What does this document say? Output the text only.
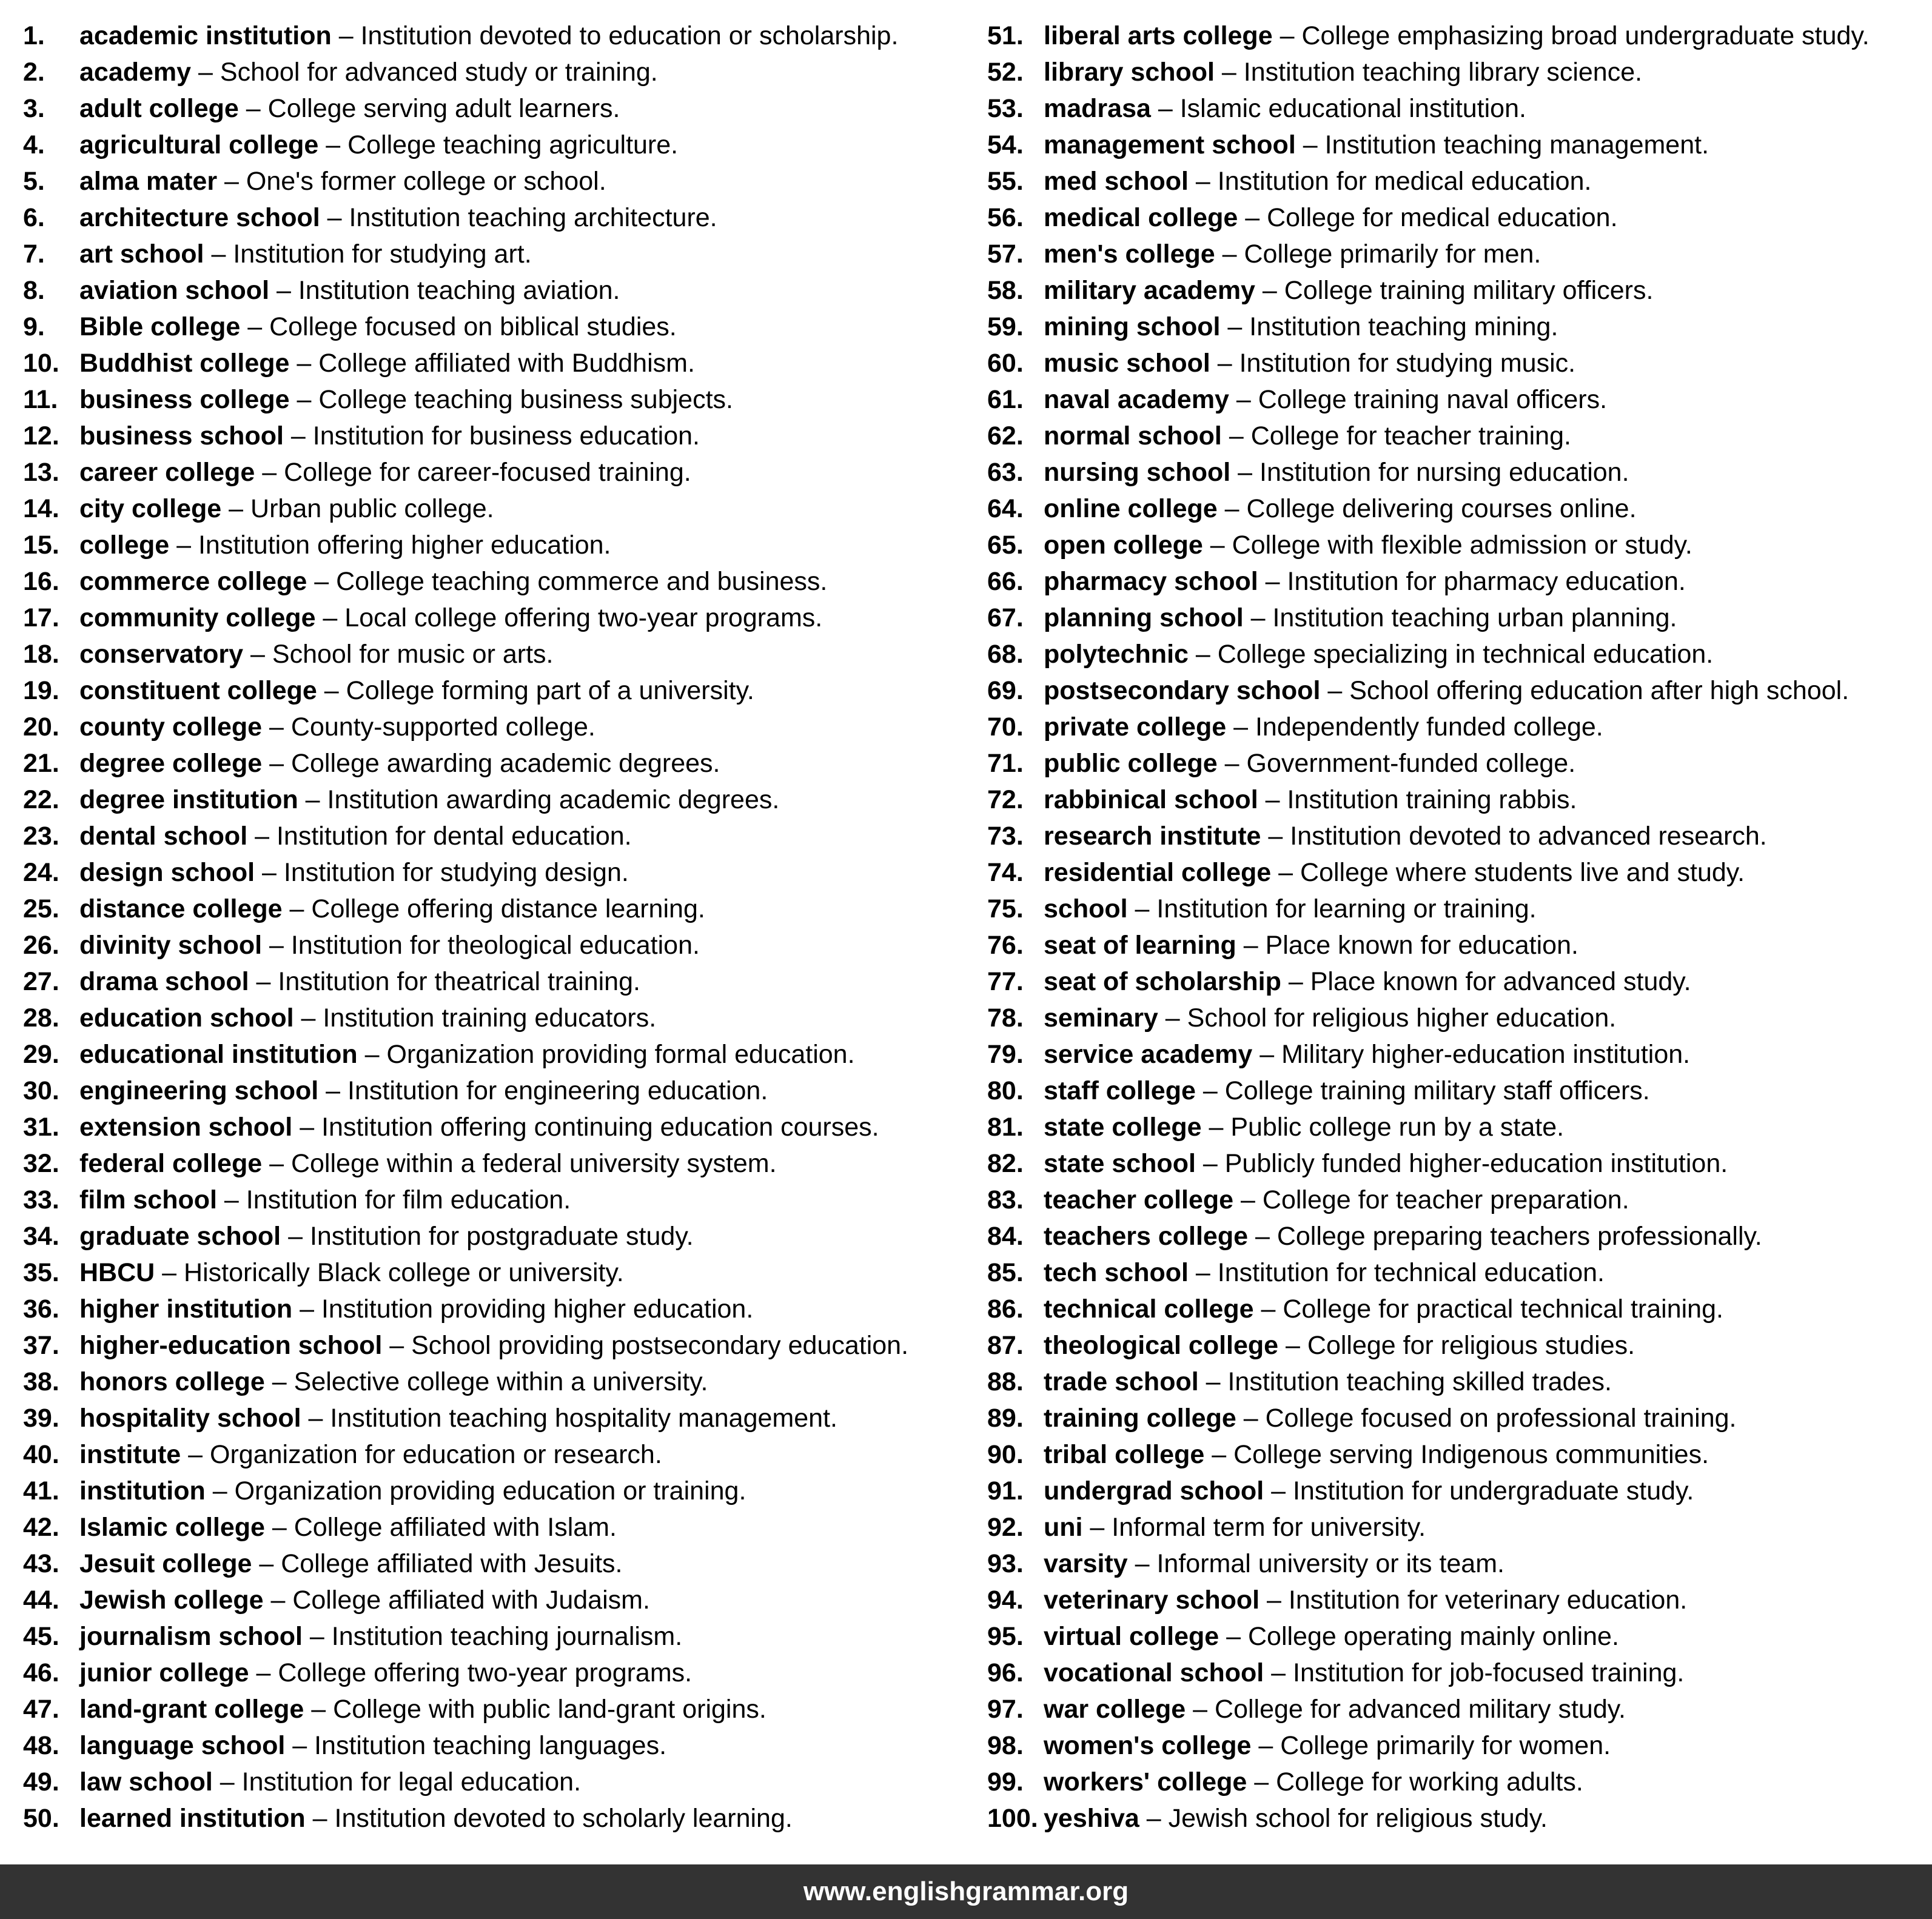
1. academic institution – Institution devoted to education or scholarship.
2. academy – School for advanced study or training.
3. adult college – College serving adult learners.
4. agricultural college – College teaching agriculture.
5. alma mater – One's former college or school.
6. architecture school – Institution teaching architecture.
7. art school – Institution for studying art.
8. aviation school – Institution teaching aviation.
9. Bible college – College focused on biblical studies.
10. Buddhist college – College affiliated with Buddhism.
11. business college – College teaching business subjects.
12. business school – Institution for business education.
13. career college – College for career-focused training.
14. city college – Urban public college.
15. college – Institution offering higher education.
16. commerce college – College teaching commerce and business.
17. community college – Local college offering two-year programs.
18. conservatory – School for music or arts.
19. constituent college – College forming part of a university.
20. county college – County-supported college.
21. degree college – College awarding academic degrees.
22. degree institution – Institution awarding academic degrees.
23. dental school – Institution for dental education.
24. design school – Institution for studying design.
25. distance college – College offering distance learning.
26. divinity school – Institution for theological education.
27. drama school – Institution for theatrical training.
28. education school – Institution training educators.
29. educational institution – Organization providing formal education.
30. engineering school – Institution for engineering education.
31. extension school – Institution offering continuing education courses.
32. federal college – College within a federal university system.
33. film school – Institution for film education.
34. graduate school – Institution for postgraduate study.
35. HBCU – Historically Black college or university.
36. higher institution – Institution providing higher education.
37. higher-education school – School providing postsecondary education.
38. honors college – Selective college within a university.
39. hospitality school – Institution teaching hospitality management.
40. institute – Organization for education or research.
41. institution – Organization providing education or training.
42. Islamic college – College affiliated with Islam.
43. Jesuit college – College affiliated with Jesuits.
44. Jewish college – College affiliated with Judaism.
45. journalism school – Institution teaching journalism.
46. junior college – College offering two-year programs.
47. land-grant college – College with public land-grant origins.
48. language school – Institution teaching languages.
49. law school – Institution for legal education.
50. learned institution – Institution devoted to scholarly learning.
51. liberal arts college – College emphasizing broad undergraduate study.
52. library school – Institution teaching library science.
53. madrasa – Islamic educational institution.
54. management school – Institution teaching management.
55. med school – Institution for medical education.
56. medical college – College for medical education.
57. men's college – College primarily for men.
58. military academy – College training military officers.
59. mining school – Institution teaching mining.
60. music school – Institution for studying music.
61. naval academy – College training naval officers.
62. normal school – College for teacher training.
63. nursing school – Institution for nursing education.
64. online college – College delivering courses online.
65. open college – College with flexible admission or study.
66. pharmacy school – Institution for pharmacy education.
67. planning school – Institution teaching urban planning.
68. polytechnic – College specializing in technical education.
69. postsecondary school – School offering education after high school.
70. private college – Independently funded college.
71. public college – Government-funded college.
72. rabbinical school – Institution training rabbis.
73. research institute – Institution devoted to advanced research.
74. residential college – College where students live and study.
75. school – Institution for learning or training.
76. seat of learning – Place known for education.
77. seat of scholarship – Place known for advanced study.
78. seminary – School for religious higher education.
79. service academy – Military higher-education institution.
80. staff college – College training military staff officers.
81. state college – Public college run by a state.
82. state school – Publicly funded higher-education institution.
83. teacher college – College for teacher preparation.
84. teachers college – College preparing teachers professionally.
85. tech school – Institution for technical education.
86. technical college – College for practical technical training.
87. theological college – College for religious studies.
88. trade school – Institution teaching skilled trades.
89. training college – College focused on professional training.
90. tribal college – College serving Indigenous communities.
91. undergrad school – Institution for undergraduate study.
92. uni – Informal term for university.
93. varsity – Informal university or its team.
94. veterinary school – Institution for veterinary education.
95. virtual college – College operating mainly online.
96. vocational school – Institution for job-focused training.
97. war college – College for advanced military study.
98. women's college – College primarily for women.
99. workers' college – College for working adults.
100. yeshiva – Jewish school for religious study.
www.englishgrammar.org
